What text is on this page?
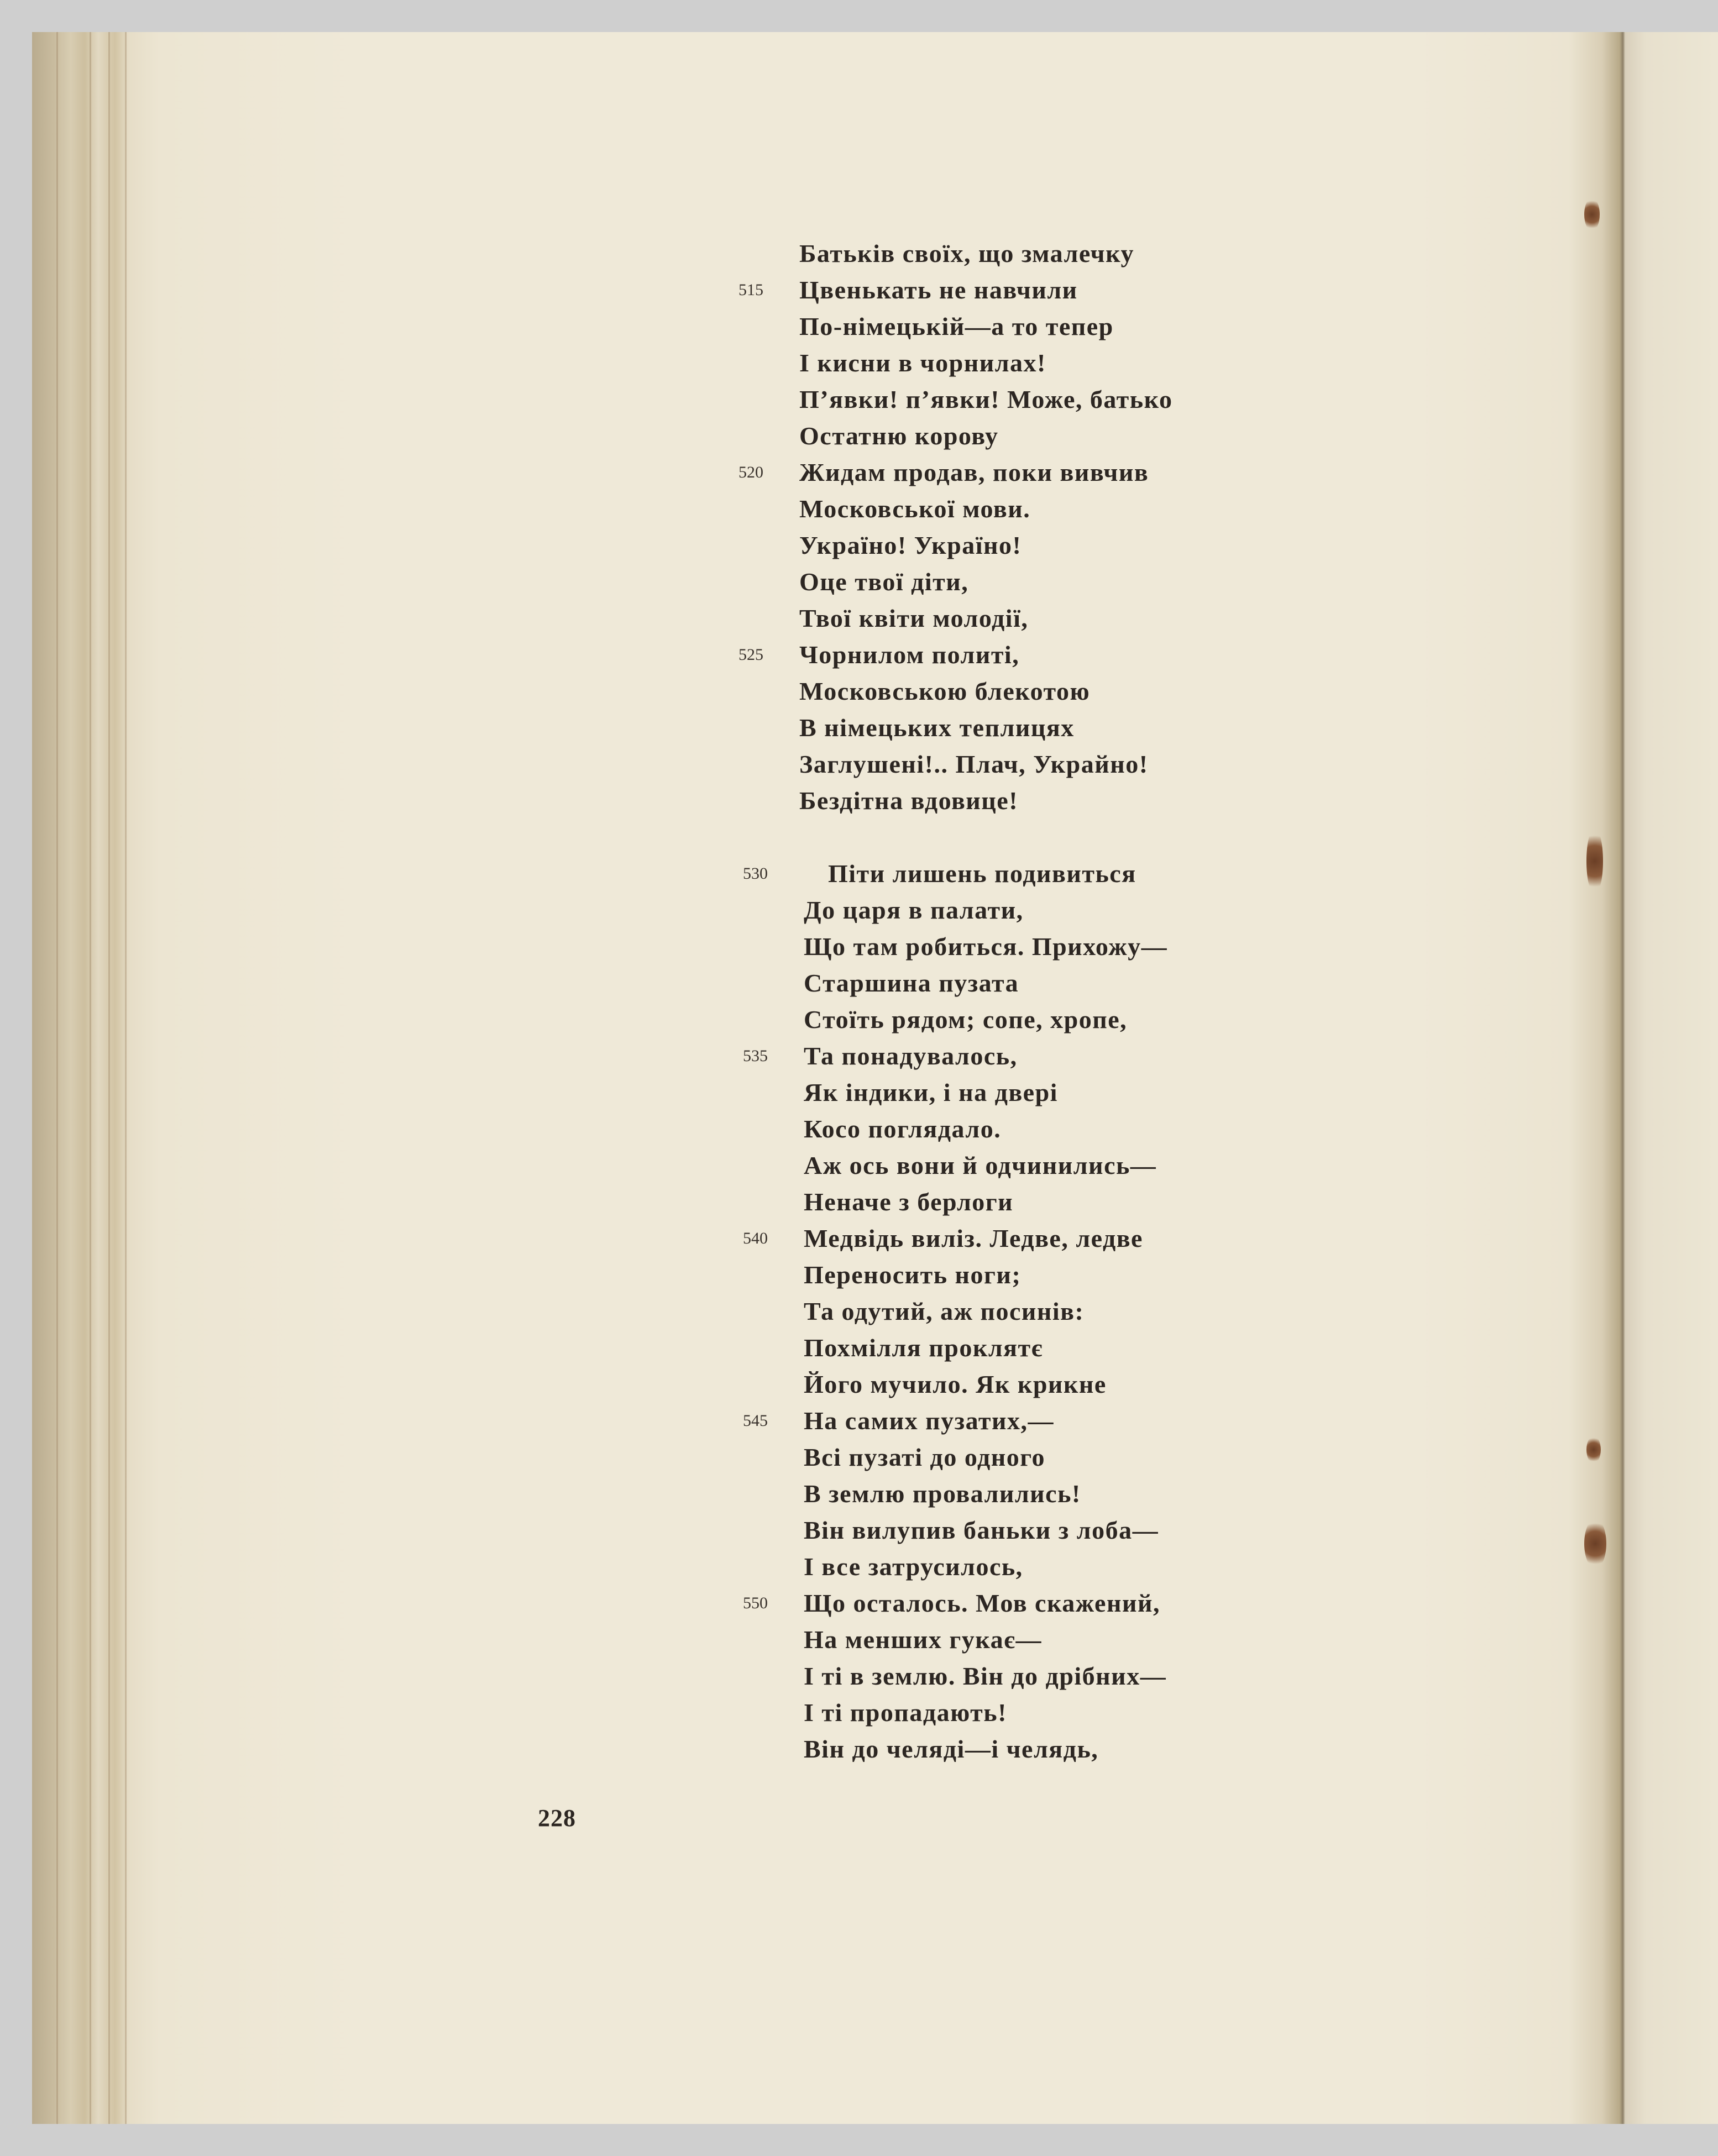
Батьків своїх, що змалечку
515 Цвенькать не навчили
По-німецькій—а то тепер
І кисни в чорнилах!
П’явки! п’явки! Може, батько
Остатню корову
520 Жидам продав, поки вивчив
Московської мови.
Україно! Україно!
Оце твої діти,
Твої квіти молодії,
525 Чорнилом политі,
Московською блекотою
В німецьких теплицях
Заглушені!.. Плач, Украйно!
Бездітна вдовице!
530 Піти лишень подивиться
До царя в палати,
Що там робиться. Прихожу—
Старшина пузата
Стоїть рядом; сопе, хропе,
535 Та понадувалось,
Як індики, і на двері
Косо поглядало.
Аж ось вони й одчинились—
Неначе з берлоги
540 Медвідь виліз. Ледве, ледве
Переносить ноги;
Та одутий, аж посинів:
Похмілля проклятє
Його мучило. Як крикне
545 На самих пузатих,—
Всі пузаті до одного
В землю провалились!
Він вилупив баньки з лоба—
І все затрусилось,
550 Що осталось. Мов скажений,
На менших гукає—
І ті в землю. Він до дрібних—
І ті пропадають!
Він до челяді—і челядь,
228
